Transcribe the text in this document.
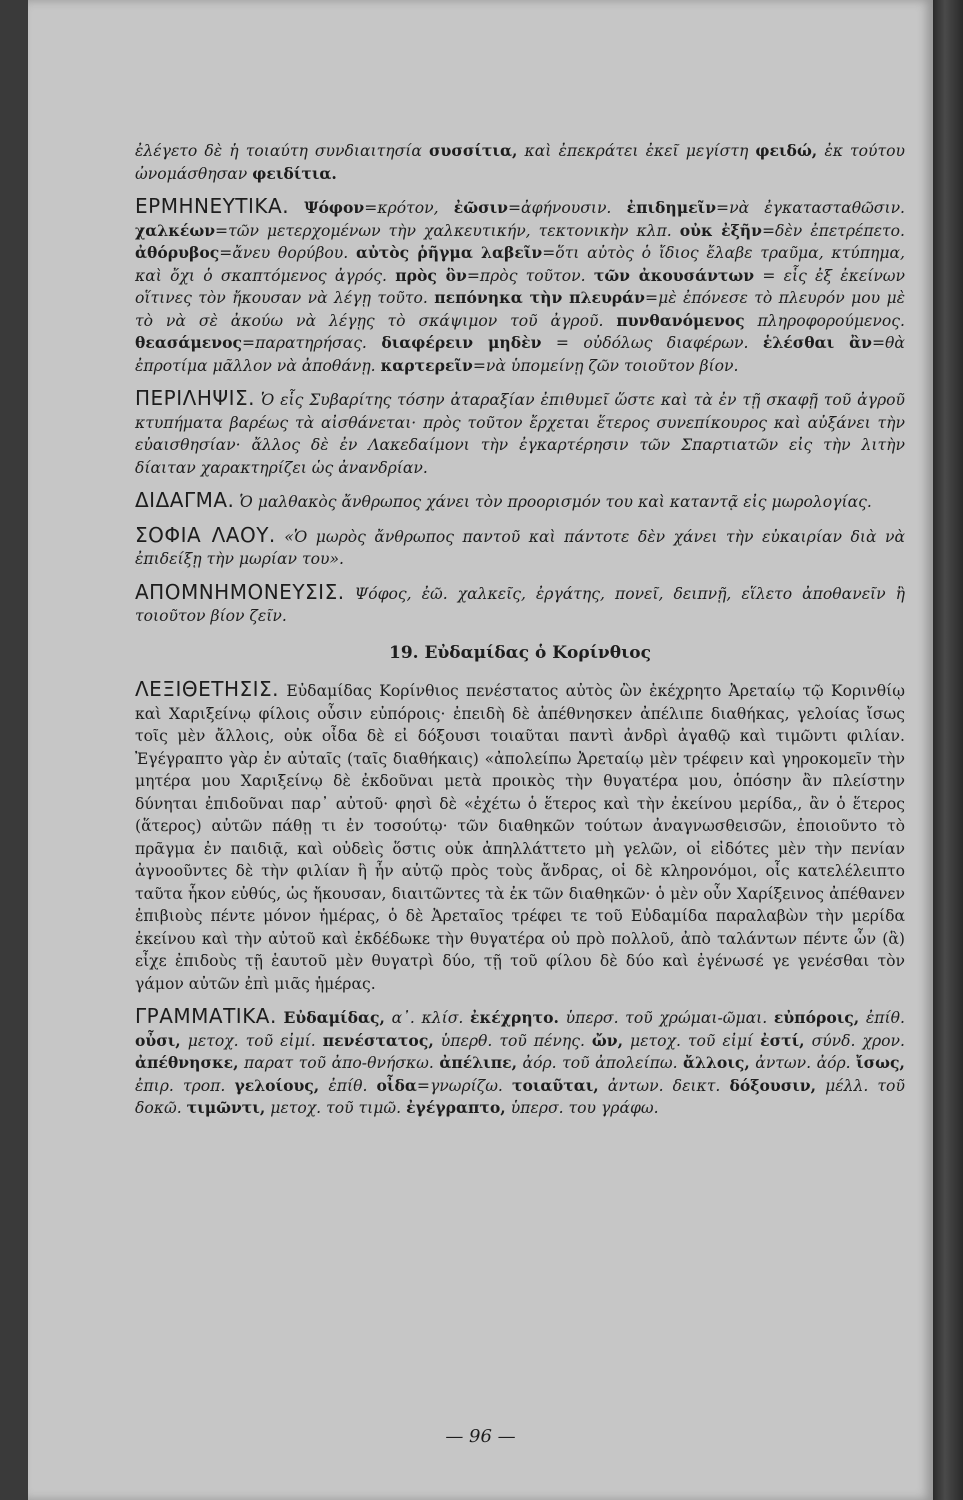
ἐλέγετο δὲ ἡ τοιαύτη συνδιαιτησία συσσίτια, καὶ ἐπεκράτει ἐκεῖ μεγίστη φειδώ, ἐκ τούτου ὠνομάσθησαν φειδίτια.

ΕΡΜΗΝΕΥΤΙΚΑ. Ψόφον=κρότον, ἐῶσιν=ἀφήνουσιν. ἐπιδημεῖν=νὰ ἐγκατασταθῶσιν. χαλκέων=τῶν μετερχομένων τὴν χαλκευτικήν, τεκτονικὴν κλπ. οὐκ ἐξῆν=δὲν ἐπετρέπετο. ἀθόρυβος=ἄνευ θορύβου. αὐτὸς ῥῆγμα λαβεῖν=ὅτι αὐτὸς ὁ ἴδιος ἔλαβε τραῦμα, κτύπημα, καὶ ὄχι ὁ σκαπτόμενος ἀγρός. πρὸς ὃν=πρὸς τοῦτον. τῶν ἀκουσάντων = εἷς ἐξ ἐκείνων οἵτινες τὸν ἤκουσαν νὰ λέγῃ τοῦτο. πεπόνηκα τὴν πλευράν=μὲ ἐπόνεσε τὸ πλευρόν μου μὲ τὸ νὰ σὲ ἀκούω νὰ λέγῃς τὸ σκάψιμον τοῦ ἀγροῦ. πυνθανόμενος πληροφορούμενος. θεασάμενος=παρατηρήσας. διαφέρειν μηδὲν = οὐδόλως διαφέρων. ἑλέσθαι ἂν=θὰ ἐπροτίμα μᾶλλον νὰ ἀποθάνῃ. καρτερεῖν=νὰ ὑπομείνῃ ζῶν τοιοῦτον βίον.

ΠΕΡΙΛΗΨΙΣ. Ὁ εἷς Συβαρίτης τόσην ἀταραξίαν ἐπιθυμεῖ ὥστε καὶ τὰ ἐν τῇ σκαφῇ τοῦ ἀγροῦ κτυπήματα βαρέως τὰ αἰσθάνεται· πρὸς τοῦτον ἔρχεται ἕτερος συνεπίκουρος καὶ αὐξάνει τὴν εὐαισθησίαν· ἄλλος δὲ ἐν Λακεδαίμονι τὴν ἐγκαρτέρησιν τῶν Σπαρτιατῶν εἰς τὴν λιτὴν δίαιταν χαρακτηρίζει ὡς ἀνανδρίαν.

ΔΙΔΑΓΜΑ. Ὁ μαλθακὸς ἄνθρωπος χάνει τὸν προορισμόν του καὶ καταντᾷ εἰς μωρολογίας.

ΣΟΦΙΑ ΛΑΟΥ. «Ὁ μωρὸς ἄνθρωπος παντοῦ καὶ πάντοτε δὲν χάνει τὴν εὐκαιρίαν διὰ νὰ ἐπιδείξῃ τὴν μωρίαν του».

ΑΠΟΜΝΗΜΟΝΕΥΣΙΣ. Ψόφος, ἐῶ. χαλκεῖς, ἐργάτης, πονεῖ, δειπνῇ, εἵλετο ἀποθανεῖν ἢ τοιοῦτον βίον ζεῖν.

19. Εὐδαμίδας ὁ Κορίνθιος

ΛΕΞΙΘΕΤΗΣΙΣ. Εὐδαμίδας Κορίνθιος πενέστατος αὐτὸς ὢν ἐκέχρητο Ἀρεταίῳ τῷ Κορινθίῳ καὶ Χαριξείνῳ φίλοις οὖσιν εὐπόροις· ἐπειδὴ δὲ ἀπέθνησκεν ἀπέλιπε διαθήκας, γελοίας ἴσως τοῖς μὲν ἄλλοις, οὐκ οἶδα δὲ εἰ δόξουσι τοιαῦται παντὶ ἀνδρὶ ἀγαθῷ καὶ τιμῶντι φιλίαν. Ἐγέγραπτο γὰρ ἐν αὐταῖς (ταῖς διαθήκαις) «ἀπολείπω Ἀρεταίῳ μὲν τρέφειν καὶ γηροκομεῖν τὴν μητέρα μου Χαριξείνῳ δὲ ἐκδοῦναι μετὰ προικὸς τὴν θυγατέρα μου, ὁπόσην ἂν πλείστην δύνηται ἐπιδοῦναι παρ᾿ αὐτοῦ· φησὶ δὲ «ἐχέτω ὁ ἕτερος καὶ τὴν ἐκείνου μερίδα,, ἂν ὁ ἕτερος (ἅτερος) αὐτῶν πάθῃ τι ἐν τοσούτῳ· τῶν διαθηκῶν τούτων ἀναγνωσθεισῶν, ἐποιοῦντο τὸ πρᾶγμα ἐν παιδιᾷ, καὶ οὐδεὶς ὅστις οὐκ ἀπηλλάττετο μὴ γελῶν, οἱ εἰδότες μὲν τὴν πενίαν ἀγνοοῦντες δὲ τὴν φιλίαν ἣ ἦν αὐτῷ πρὸς τοὺς ἄνδρας, οἱ δὲ κληρονόμοι, οἷς κατελέλειπτο ταῦτα ἧκον εὐθύς, ὡς ἤκουσαν, διαιτῶντες τὰ ἐκ τῶν διαθηκῶν· ὁ μὲν οὖν Χαρίξεινος ἀπέθανεν ἐπιβιοὺς πέντε μόνον ἡμέρας, ὁ δὲ Ἀρεταῖος τρέφει τε τοῦ Εὐδαμίδα παραλαβὼν τὴν μερίδα ἐκείνου καὶ τὴν αὐτοῦ καὶ ἐκδέδωκε τὴν θυγατέρα οὐ πρὸ πολλοῦ, ἀπὸ ταλάντων πέντε ὧν (ἃ) εἶχε ἐπιδοὺς τῇ ἑαυτοῦ μὲν θυγατρὶ δύο, τῇ τοῦ φίλου δὲ δύο καὶ ἐγένωσέ γε γενέσθαι τὸν γάμον αὐτῶν ἐπὶ μιᾶς ἡμέρας.

ΓΡΑΜΜΑΤΙΚΑ. Εὐδαμίδας, α᾿. κλίσ. ἐκέχρητο. ὑπερσ. τοῦ χρώμαι-ῶμαι. εὐπόροις, ἐπίθ. οὖσι, μετοχ. τοῦ εἰμί. πενέστατος, ὑπερθ. τοῦ πένης. ὤν, μετοχ. τοῦ εἰμί ἐστί, σύνδ. χρον. ἀπέθνησκε, παρατ τοῦ ἀπο-θνήσκω. ἀπέλιπε, ἀόρ. τοῦ ἀπολείπω. ἄλλοις, ἀντων. ἀόρ. ἴσως, ἐπιρ. τροπ. γελοίους, ἐπίθ. οἶδα=γνωρίζω. τοιαῦται, ἀντων. δεικτ. δόξουσιν, μέλλ. τοῦ δοκῶ. τιμῶντι, μετοχ. τοῦ τιμῶ. ἐγέγραπτο, ὑπερσ. του γράφω.

— 96 —
